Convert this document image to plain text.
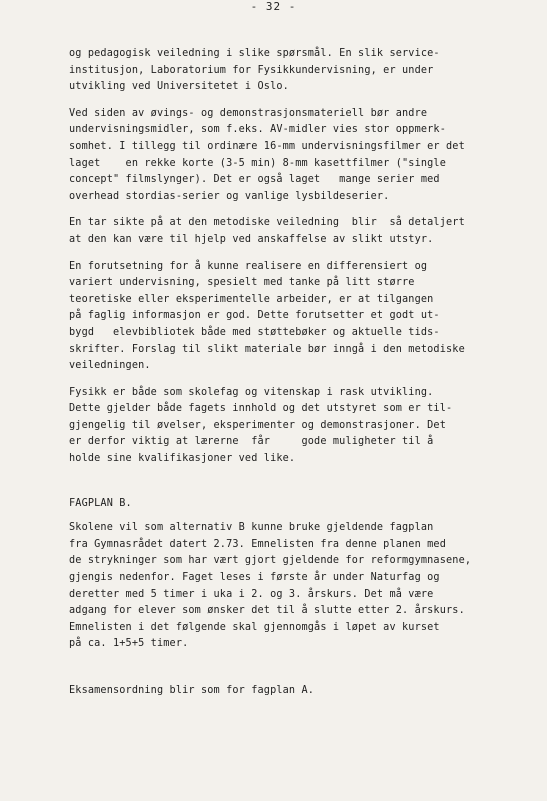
- 32 -

og pedagogisk veiledning i slike spørsmål. En slik service-
institusjon, Laboratorium for Fysikkundervisning, er under
utvikling ved Universitetet i Oslo.

Ved siden av øvings- og demonstrasjonsmateriell bør andre
undervisningsmidler, som f.eks. AV-midler vies stor oppmerk-
somhet. I tillegg til ordinære 16-mm undervisningsfilmer er det
laget    en rekke korte (3-5 min) 8-mm kasettfilmer ("single
concept" filmslynger). Det er også laget   mange serier med
overhead stordias-serier og vanlige lysbildeserier.

En tar sikte på at den metodiske veiledning  blir  så detaljert
at den kan være til hjelp ved anskaffelse av slikt utstyr.

En forutsetning for å kunne realisere en differensiert og
variert undervisning, spesielt med tanke på litt større
teoretiske eller eksperimentelle arbeider, er at tilgangen
på faglig informasjon er god. Dette forutsetter et godt ut-
bygd   elevbibliotek både med støttebøker og aktuelle tids-
skrifter. Forslag til slikt materiale bør inngå i den metodiske
veiledningen.

Fysikk er både som skolefag og vitenskap i rask utvikling.
Dette gjelder både fagets innhold og det utstyret som er til-
gjengelig til øvelser, eksperimenter og demonstrasjoner. Det
er derfor viktig at lærerne  får     gode muligheter til å
holde sine kvalifikasjoner ved like.

FAGPLAN B.

Skolene vil som alternativ B kunne bruke gjeldende fagplan
fra Gymnasrådet datert 2.73. Emnelisten fra denne planen med
de strykninger som har vært gjort gjeldende for reformgymnasene,
gjengis nedenfor. Faget leses i første år under Naturfag og
deretter med 5 timer i uka i 2. og 3. årskurs. Det må være
adgang for elever som ønsker det til å slutte etter 2. årskurs.
Emnelisten i det følgende skal gjennomgås i løpet av kurset
på ca. 1+5+5 timer.

Eksamensordning blir som for fagplan A.
